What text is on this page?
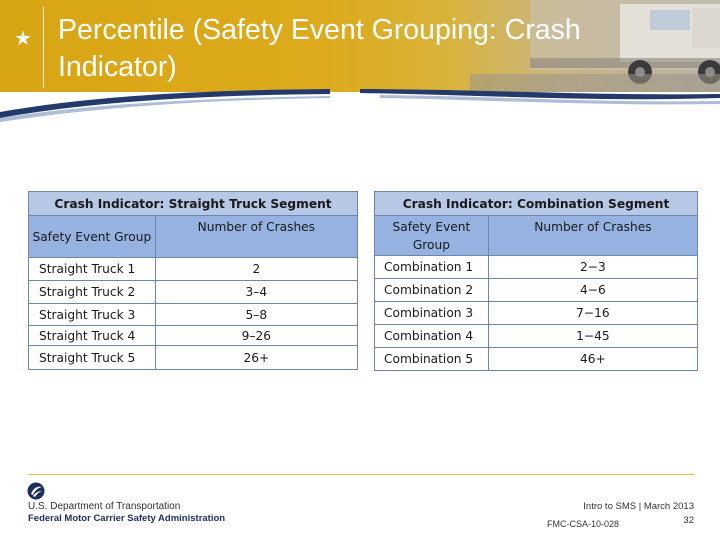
★ Percentile (Safety Event Grouping: Crash Indicator)
Crash Indicator: Straight Truck Segment	
Safety Event Group	Number of Crashes
Straight Truck 1	2
Straight Truck 2	3–4
Straight Truck 3	5–8
Straight Truck 4	9–26
Straight Truck 5	26+
Crash Indicator: Combination Segment	
Safety Event Group	Number of Crashes
Combination 1	2−3
Combination 2	4−6
Combination 3	7−16
Combination 4	1−45
Combination 5	46+
U.S. Department of Transportation
Federal Motor Carrier Safety Administration
Intro to SMS | March 2013
FMC-CSA-10-028	32
